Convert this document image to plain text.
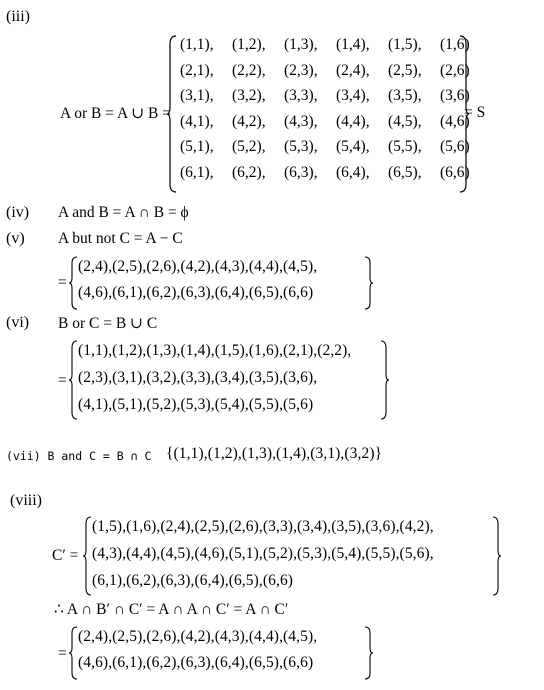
(iii)
A or B = A ∪ B =
(1,1),	(1,2),	(1,3),	(1,4),	(1,5),	(1,6)
(2,1),	(2,2),	(2,3),	(2,4),	(2,5),	(2,6)
(3,1),	(3,2),	(3,3),	(3,4),	(3,5),	(3,6)
(4,1),	(4,2),	(4,3),	(4,4),	(4,5),	(4,6)
(5,1),	(5,2),	(5,3),	(5,4),	(5,5),	(5,6)
(6,1),	(6,2),	(6,3),	(6,4),	(6,5),	(6,6)
= S
(iv) A and B = A ∩ B = ϕ
(v) A but not C = A − C
=
(2,4),(2,5),(2,6),(4,2),(4,3),(4,4),(4,5),
(4,6),(6,1),(6,2),(6,3),(6,4),(6,5),(6,6)
(vi) B or C = B ∪ C
=
(1,1),(1,2),(1,3),(1,4),(1,5),(1,6),(2,1),(2,2),
(2,3),(3,1),(3,2),(3,3),(3,4),(3,5),(3,6),
(4,1),(5,1),(5,2),(5,3),(5,4),(5,5),(5,6)
(vii) B and C = B ∩ C {(1,1),(1,2),(1,3),(1,4),(3,1),(3,2)}
(viii)
C′ =
(1,5),(1,6),(2,4),(2,5),(2,6),(3,3),(3,4),(3,5),(3,6),(4,2),
(4,3),(4,4),(4,5),(4,6),(5,1),(5,2),(5,3),(5,4),(5,5),(5,6),
(6,1),(6,2),(6,3),(6,4),(6,5),(6,6)
∴ A ∩ B′ ∩ C′ = A ∩ A ∩ C′ = A ∩ C′
=
(2,4),(2,5),(2,6),(4,2),(4,3),(4,4),(4,5),
(4,6),(6,1),(6,2),(6,3),(6,4),(6,5),(6,6)
